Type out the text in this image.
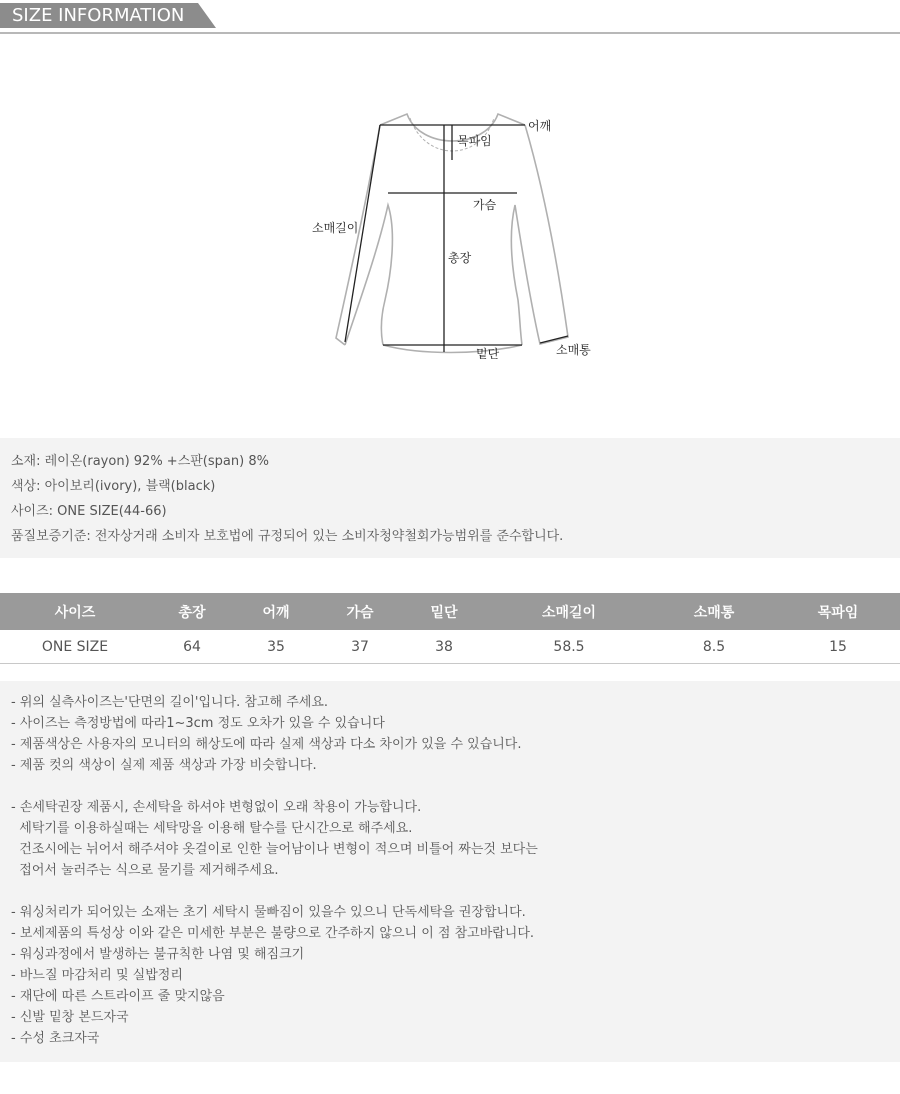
SIZE INFORMATION
어깨
목파임
가슴
소매길이
총장
밑단	소매통
소재: 레이온(rayon) 92% +스판(span) 8%
색상: 아이보리(ivory), 블랙(black)
사이즈: ONE SIZE(44-66)
품질보증기준: 전자상거래 소비자 보호법에 규정되어 있는 소비자청약철회가능범위를 준수합니다.
사이즈	총장	어깨	가슴	밑단	소매길이	소매통	목파임
ONE SIZE	64	35	37	38	58.5	8.5	15
- 위의 실측사이즈는'단면의 길이'입니다. 참고해 주세요.
- 사이즈는 측정방법에 따라1~3cm 정도 오차가 있을 수 있습니다
- 제품색상은 사용자의 모니터의 해상도에 따라 실제 색상과 다소 차이가 있을 수 있습니다.
- 제품 컷의 색상이 실제 제품 색상과 가장 비슷합니다.
- 손세탁권장 제품시, 손세탁을 하셔야 변형없이 오래 착용이 가능합니다.
세탁기를 이용하실때는 세탁망을 이용해 탈수를 단시간으로 해주세요.
건조시에는 뉘어서 해주셔야 옷걸이로 인한 늘어남이나 변형이 적으며 비틀어 짜는것 보다는
접어서 눌러주는 식으로 물기를 제거해주세요.
- 워싱처리가 되어있는 소재는 초기 세탁시 물빠짐이 있을수 있으니 단독세탁을 권장합니다.
- 보세제품의 특성상 이와 같은 미세한 부분은 불량으로 간주하지 않으니 이 점 참고바랍니다.
- 워싱과정에서 발생하는 불규칙한 나염 및 해짐크기
- 바느질 마감처리 및 실밥정리
- 재단에 따른 스트라이프 줄 맞지않음
- 신발 밑창 본드자국
- 수성 초크자국
